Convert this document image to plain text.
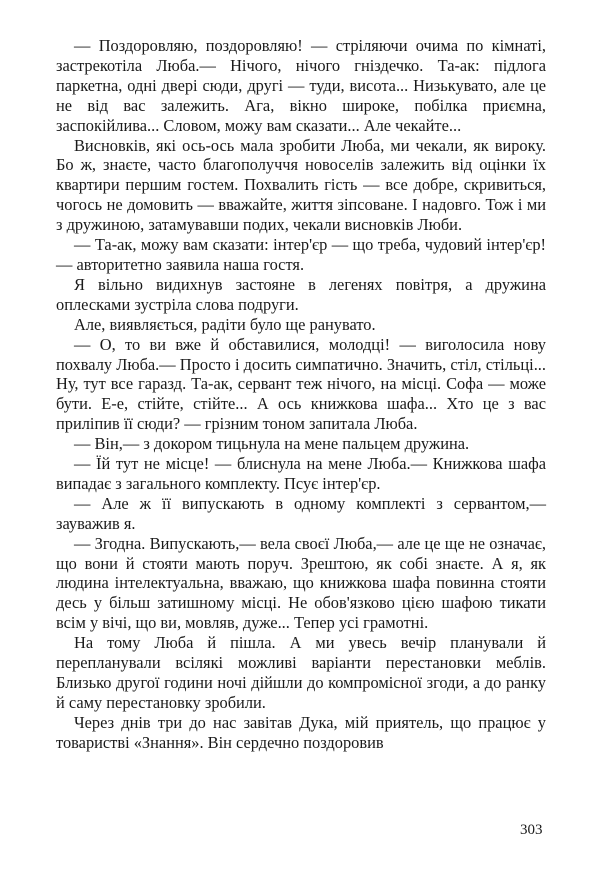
— Поздоровляю, поздоровляю! — стріляючи очима по кімнаті, застрекотіла Люба.— Нічого, нічого гніздечко. Та-ак: підлога паркетна, одні двері сюди, другі — туди, висота... Низькувато, але це не від вас залежить. Ага, вікно широке, побілка приємна, заспокійлива... Словом, можу вам сказати... Але чекайте...

Висновків, які ось-ось мала зробити Люба, ми чекали, як вироку. Бо ж, знаєте, часто благополуччя новоселів залежить від оцінки їх квартири першим гостем. Похвалить гість — все добре, скривиться, чогось не домовить — вважайте, життя зіпсоване. І надовго. Тож і ми з дружиною, затамувавши подих, чекали висновків Люби.

— Та-ак, можу вам сказати: інтер'єр — що треба, чудовий інтер'єр!— авторитетно заявила наша гостя.

Я вільно видихнув застояне в легенях повітря, а дружина оплесками зустріла слова подруги.

Але, виявляється, радіти було ще ранувато.

— О, то ви вже й обставилися, молодці! — виголосила нову похвалу Люба.— Просто і досить симпатично. Значить, стіл, стільці... Ну, тут все гаразд. Та-ак, сервант теж нічого, на місці. Софа — може бути. Е-е, стійте, стійте... А ось книжкова шафа... Хто це з вас приліпив її сюди? — грізним тоном запитала Люба.

— Він,— з докором тицьнула на мене пальцем дружина.

— Їй тут не місце! — блиснула на мене Люба.— Книжкова шафа випадає з загального комплекту. Псує інтер'єр.

— Але ж її випускають в одному комплекті з сервантом,— зауважив я.

— Згодна. Випускають,— вела своєї Люба,— але це ще не означає, що вони й стояти мають поруч. Зрештою, як собі знаєте. А я, як людина інтелектуальна, вважаю, що книжкова шафа повинна стояти десь у більш затишному місці. Не обов'язково цією шафою тикати всім у вічі, що ви, мовляв, дуже... Тепер усі грамотні.

На тому Люба й пішла. А ми увесь вечір планували й перепланували всілякі можливі варіанти перестановки меблів. Близько другої години ночі дійшли до компромісної згоди, а до ранку й саму перестановку зробили.

Через днів три до нас завітав Дука, мій приятель, що працює у товаристві «Знання». Він сердечно поздоровив

303
